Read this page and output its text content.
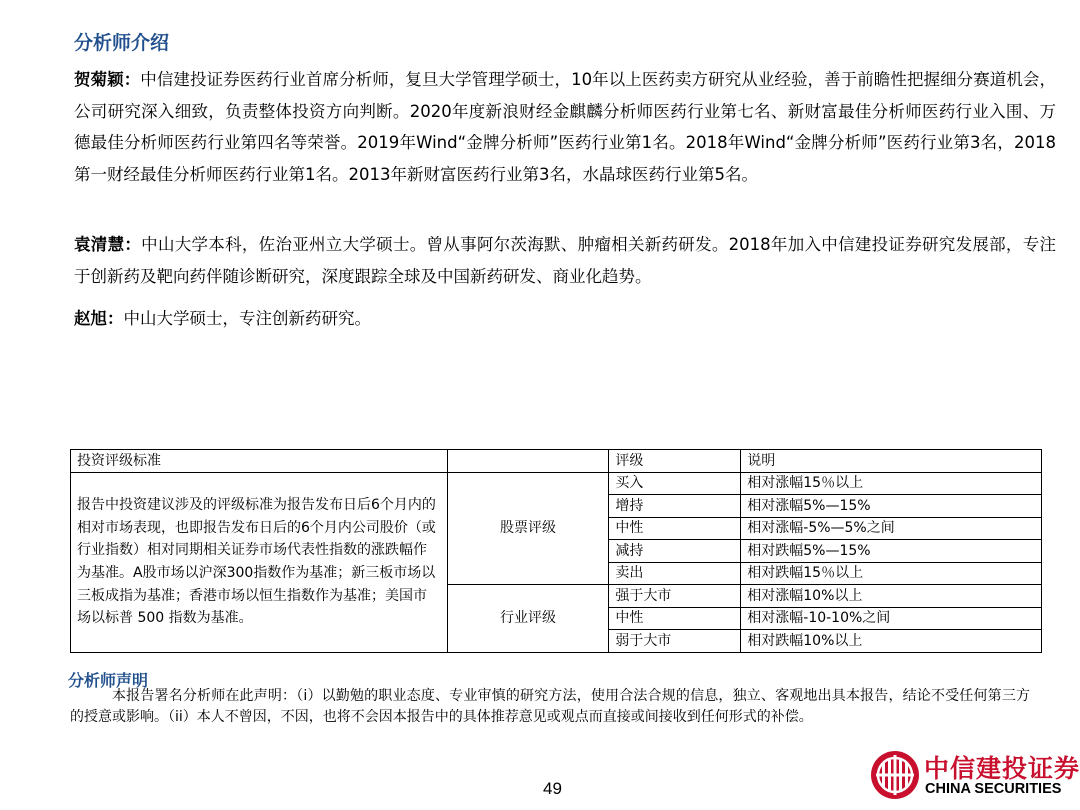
分析师介绍
贺菊颖：中信建投证券医药行业首席分析师，复旦大学管理学硕士，10年以上医药卖方研究从业经验，善于前瞻性把握细分赛道机会，公司研究深入细致，负责整体投资方向判断。2020年度新浪财经金麒麟分析师医药行业第七名、新财富最佳分析师医药行业入围、万德最佳分析师医药行业第四名等荣誉。2019年Wind“金牌分析师”医药行业第1名。2018年Wind“金牌分析师”医药行业第3名，2018第一财经最佳分析师医药行业第1名。2013年新财富医药行业第3名，水晶球医药行业第5名。
袁清慧：中山大学本科，佐治亚州立大学硕士。曾从事阿尔茨海默、肿瘤相关新药研发。2018年加入中信建投证券研究发展部，专注于创新药及靶向药伴随诊断研究，深度跟踪全球及中国新药研发、商业化趋势。
赵旭：中山大学硕士，专注创新药研究。
投资评级标准		评级	说明
报告中投资建议涉及的评级标准为报告发布日后6个月内的相对市场表现，也即报告发布日后的6个月内公司股价（或行业指数）相对同期相关证券市场代表性指数的涨跌幅作为基准。A股市场以沪深300指数作为基准；新三板市场以三板成指为基准；香港市场以恒生指数作为基准；美国市场以标普 500 指数为基准。	股票评级	买入	相对涨幅15％以上
		增持	相对涨幅5%—15%
		中性	相对涨幅-5%—5%之间
		减持	相对跌幅5%—15%
		卖出	相对跌幅15％以上
	行业评级	强于大市	相对涨幅10%以上
		中性	相对涨幅-10-10%之间
		弱于大市	相对跌幅10%以上
分析师声明
本报告署名分析师在此声明：（i）以勤勉的职业态度、专业审慎的研究方法，使用合法合规的信息，独立、客观地出具本报告，结论不受任何第三方的授意或影响。（ii）本人不曾因，不因，也将不会因本报告中的具体推荐意见或观点而直接或间接收到任何形式的补偿。
49
中信建投证券
CHINA SECURITIES
